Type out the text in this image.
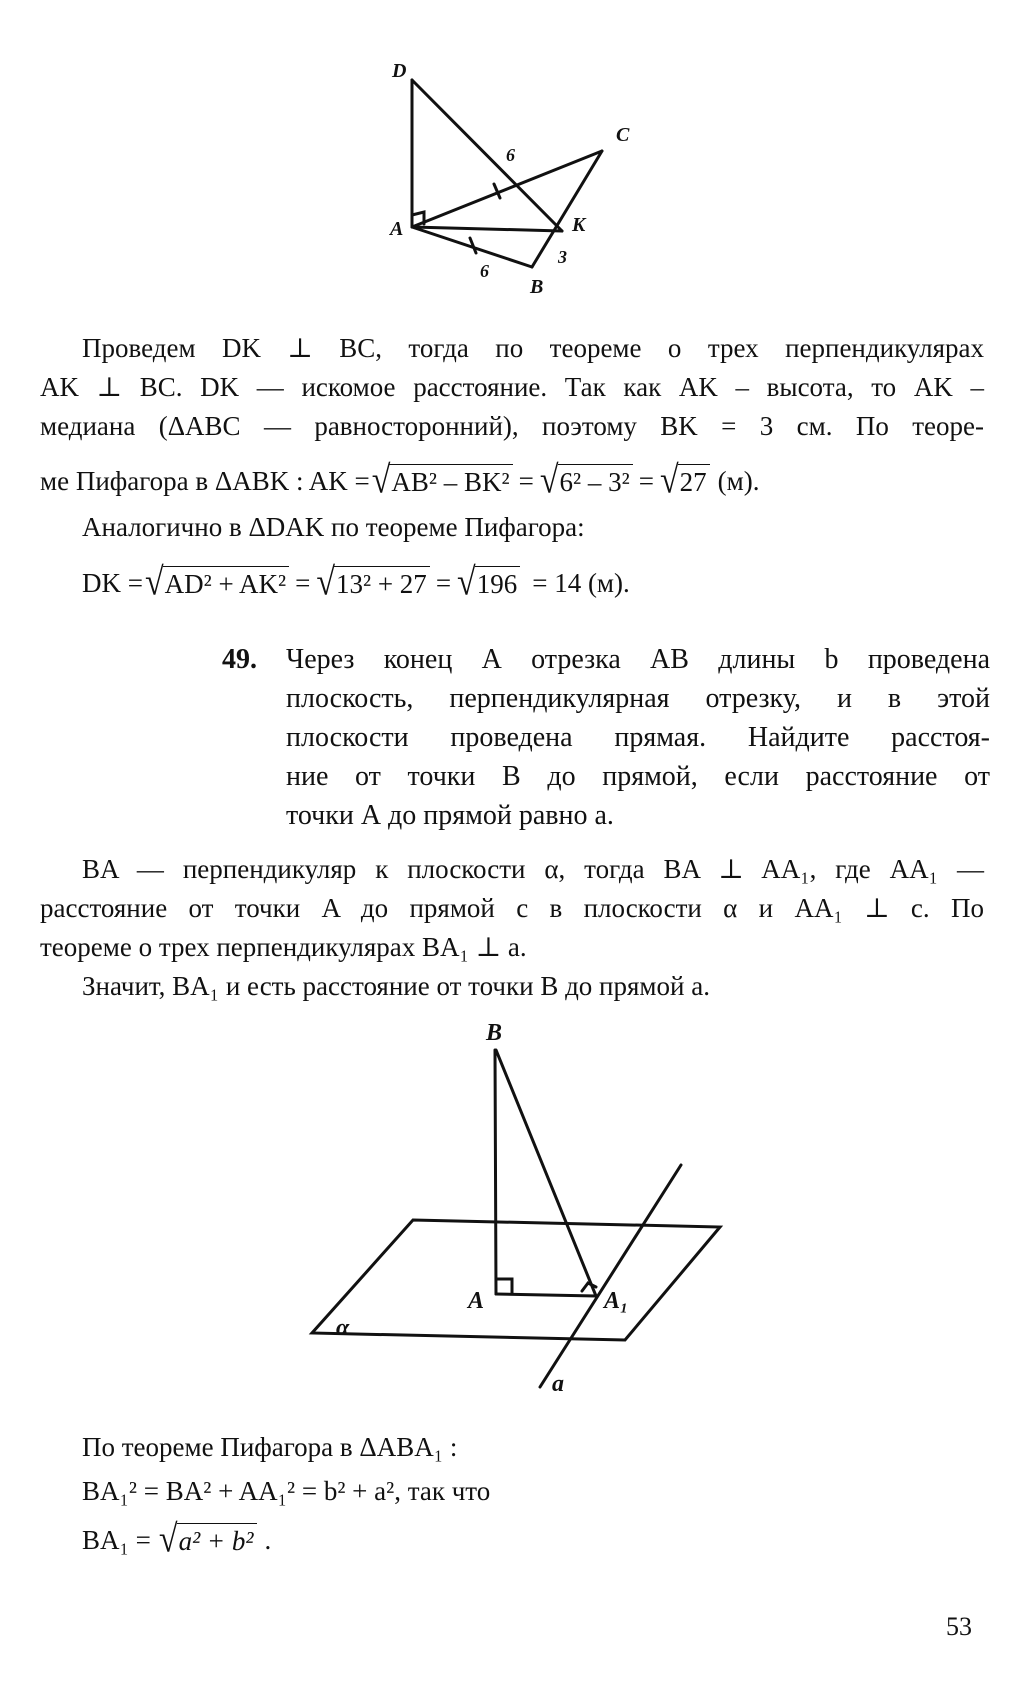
D
C
A	K
B
6
6
3
Проведем DK ⊥ BC, тогда по теореме о трех перпендикулярах
AK ⊥ BC. DK — искомое расстояние. Так как AK – высота, то AK –
медиана (ΔABC — равносторонний), поэтому BK = 3 см. По теоре-
ме Пифагора в ΔABK : AK = √ AB² – BK² = √ 6² – 3² = √ 27 (м).
Аналогично в ΔDAK по теореме Пифагора:
DK = √ AD² + AK² = √ 13² + 27 = √ 196 = 14 (м).
49. Через конец А отрезка АВ длины b проведена
плоскость, перпендикулярная отрезку, и в этой
плоскости проведена прямая. Найдите расстоя-
ние от точки В до прямой, если расстояние от
точки А до прямой равно a.
BA — перпендикуляр к плоскости α, тогда BA ⊥ AA₁, где AA₁ —
расстояние от точки A до прямой c в плоскости α и AA₁ ⊥ c. По
теореме о трех перпендикулярах BA₁ ⊥ a.
Значит, BA₁ и есть расстояние от точки B до прямой a.
B
A	A₁
α
a
По теореме Пифагора в ΔABA₁ :
BA₁² = BA² + AA₁² = b² + a², так что
BA₁ = √ a² + b² .
53
